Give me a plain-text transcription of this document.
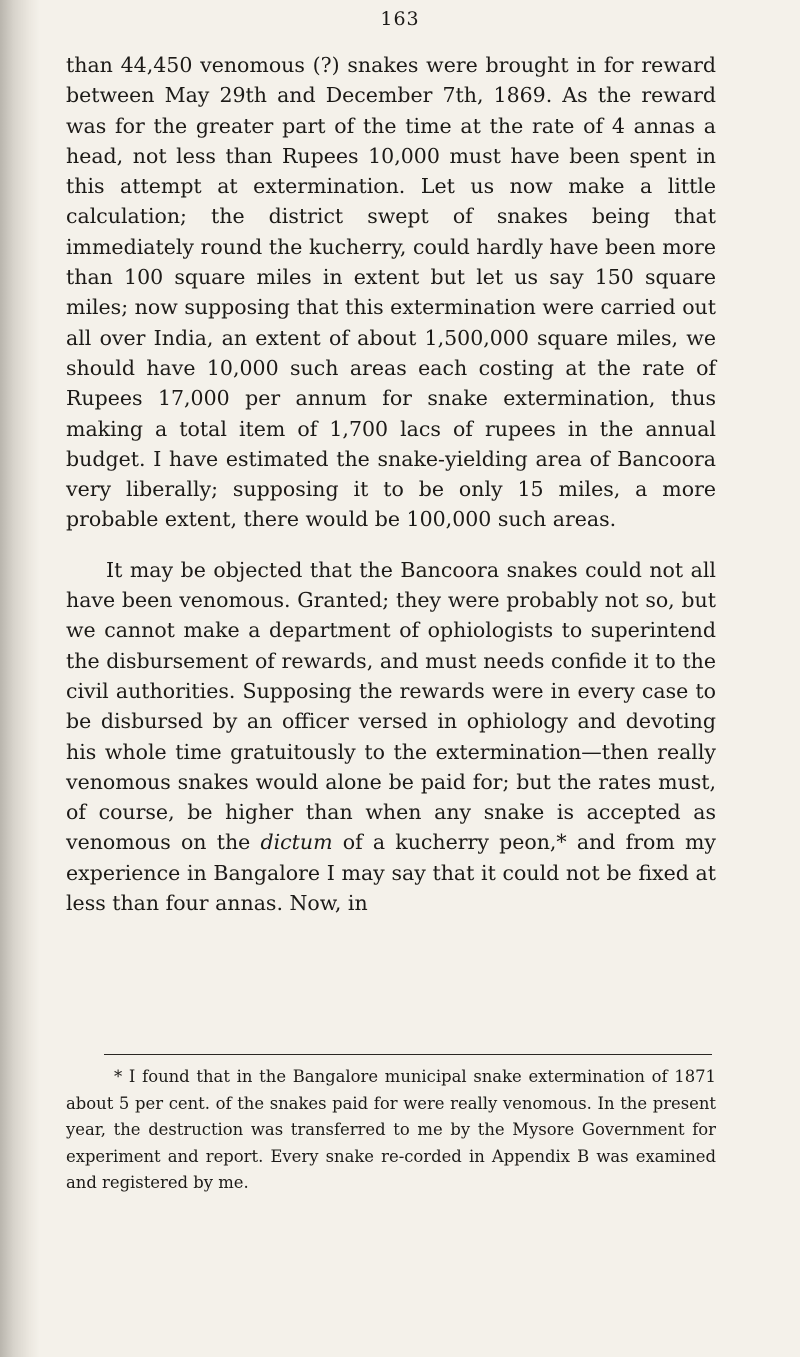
163

than 44,450 venomous (?) snakes were brought in for reward between May 29th and December 7th, 1869. As the reward was for the greater part of the time at the rate of 4 annas a head, not less than Rupees 10,000 must have been spent in this attempt at extermination. Let us now make a little calculation; the district swept of snakes being that immediately round the kucherry, could hardly have been more than 100 square miles in extent but let us say 150 square miles; now supposing that this extermination were carried out all over India, an extent of about 1,500,000 square miles, we should have 10,000 such areas each costing at the rate of Rupees 17,000 per annum for snake extermination, thus making a total item of 1,700 lacs of rupees in the annual budget. I have estimated the snake-yielding area of Bancoora very liberally; supposing it to be only 15 miles, a more probable extent, there would be 100,000 such areas.

It may be objected that the Bancoora snakes could not all have been venomous. Granted; they were probably not so, but we cannot make a department of ophiologists to superintend the disbursement of rewards, and must needs confide it to the civil authorities. Supposing the rewards were in every case to be disbursed by an officer versed in ophiology and devoting his whole time gratuitously to the extermination—then really venomous snakes would alone be paid for; but the rates must, of course, be higher than when any snake is accepted as venomous on the dictum of a kucherry peon,* and from my experience in Bangalore I may say that it could not be fixed at less than four annas. Now, in

* I found that in the Bangalore municipal snake extermination of 1871 about 5 per cent. of the snakes paid for were really venomous. In the present year, the destruction was transferred to me by the Mysore Government for experiment and report. Every snake re-corded in Appendix B was examined and registered by me.
